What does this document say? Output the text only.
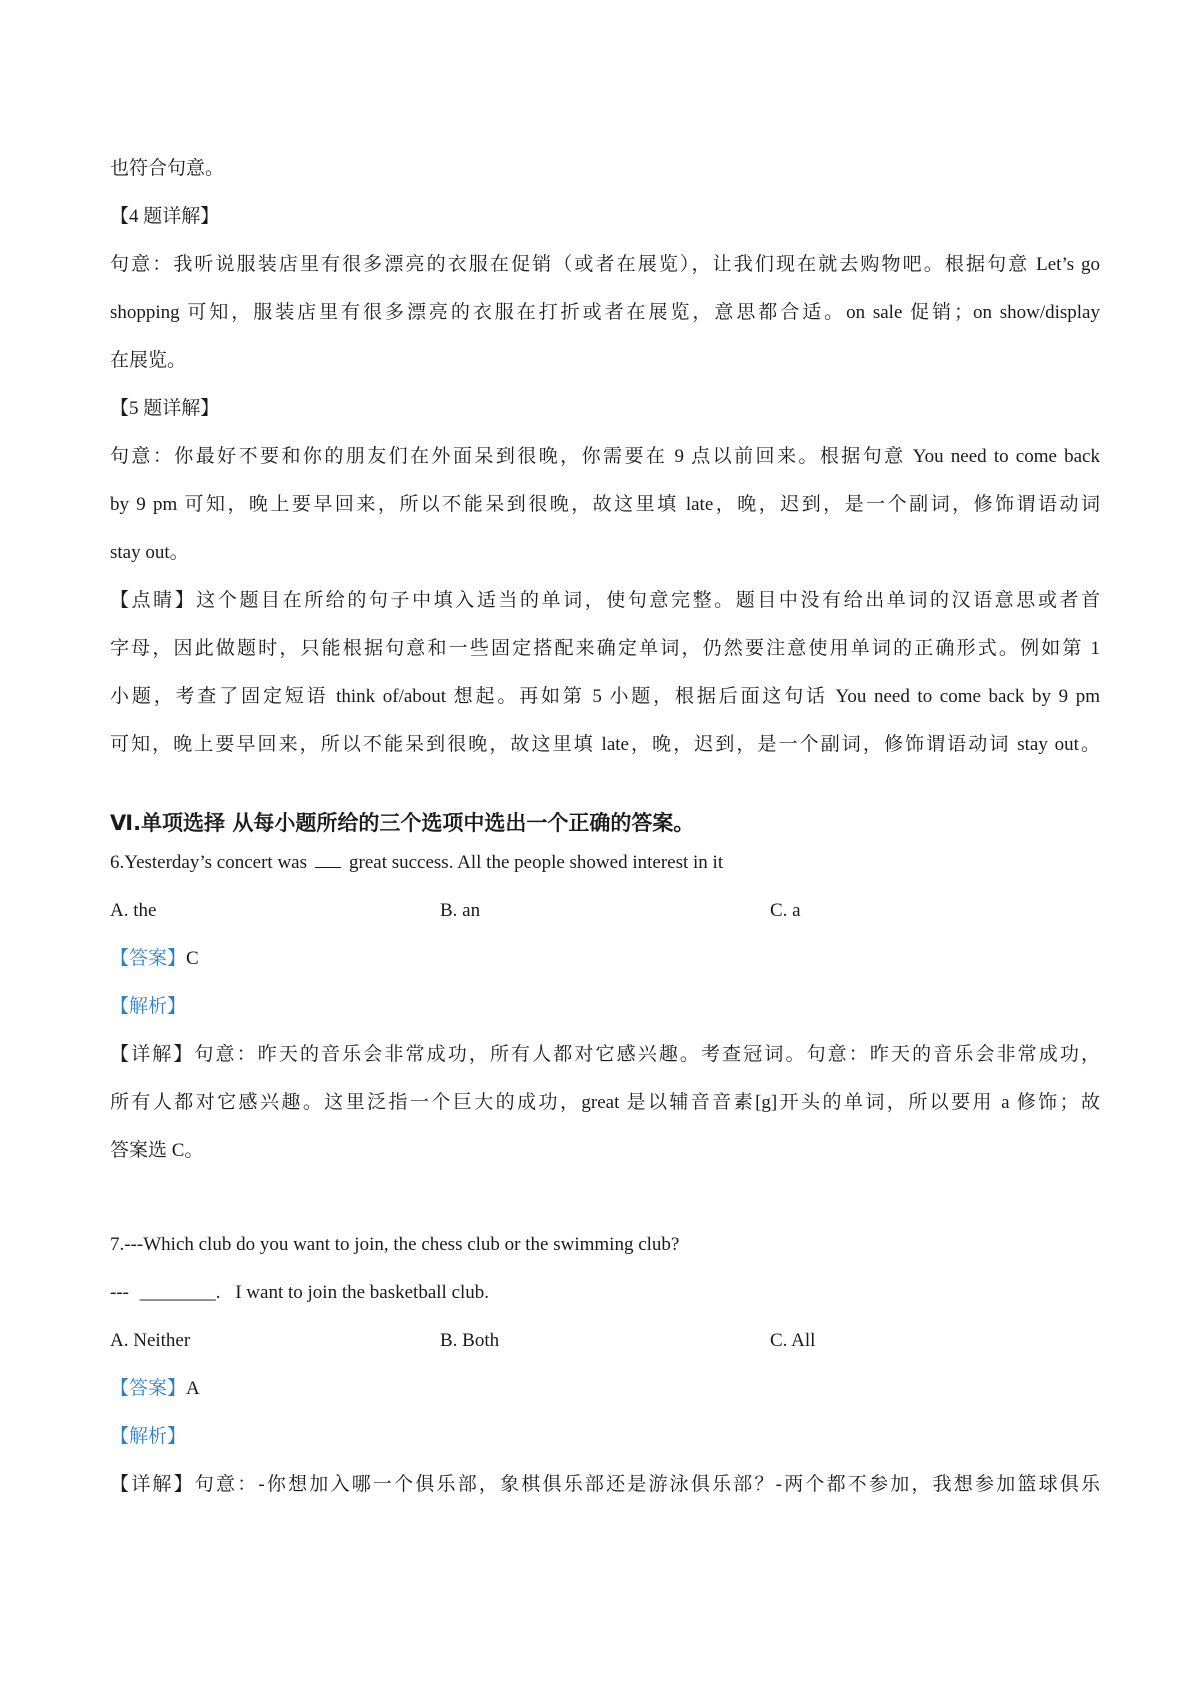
也符合句意。

【4 题详解】

句意：我听说服装店里有很多漂亮的衣服在促销（或者在展览），让我们现在就去购物吧。根据句意 Let’s go

shopping 可知，服装店里有很多漂亮的衣服在打折或者在展览，意思都合适。on sale 促销；on show/display

在展览。

【5 题详解】

句意：你最好不要和你的朋友们在外面呆到很晚，你需要在 9 点以前回来。根据句意 You need to come back

by 9 pm 可知，晚上要早回来，所以不能呆到很晚，故这里填 late，晚，迟到，是一个副词，修饰谓语动词

stay out。

【点睛】这个题目在所给的句子中填入适当的单词，使句意完整。题目中没有给出单词的汉语意思或者首

字母，因此做题时，只能根据句意和一些固定搭配来确定单词，仍然要注意使用单词的正确形式。例如第 1

小题，考查了固定短语 think of/about 想起。再如第 5 小题，根据后面这句话 You need to come back by 9 pm

可知，晚上要早回来，所以不能呆到很晚，故这里填 late，晚，迟到，是一个副词，修饰谓语动词 stay out。

Ⅵ.单项选择 从每小题所给的三个选项中选出一个正确的答案。

6.Yesterday’s concert was great success. All the people showed interest in it

A. the	B. an	C. a

【答案】C

【解析】

【详解】句意：昨天的音乐会非常成功，所有人都对它感兴趣。考查冠词。句意：昨天的音乐会非常成功，

所有人都对它感兴趣。这里泛指一个巨大的成功，great 是以辅音音素[g]开头的单词，所以要用 a 修饰；故

答案选 C。

7.---Which club do you want to join, the chess club or the swimming club?

--- ________. I want to join the basketball club.

A. Neither	B. Both	C. All

【答案】A

【解析】

【详解】句意：-你想加入哪一个俱乐部，象棋俱乐部还是游泳俱乐部？-两个都不参加，我想参加篮球俱乐
